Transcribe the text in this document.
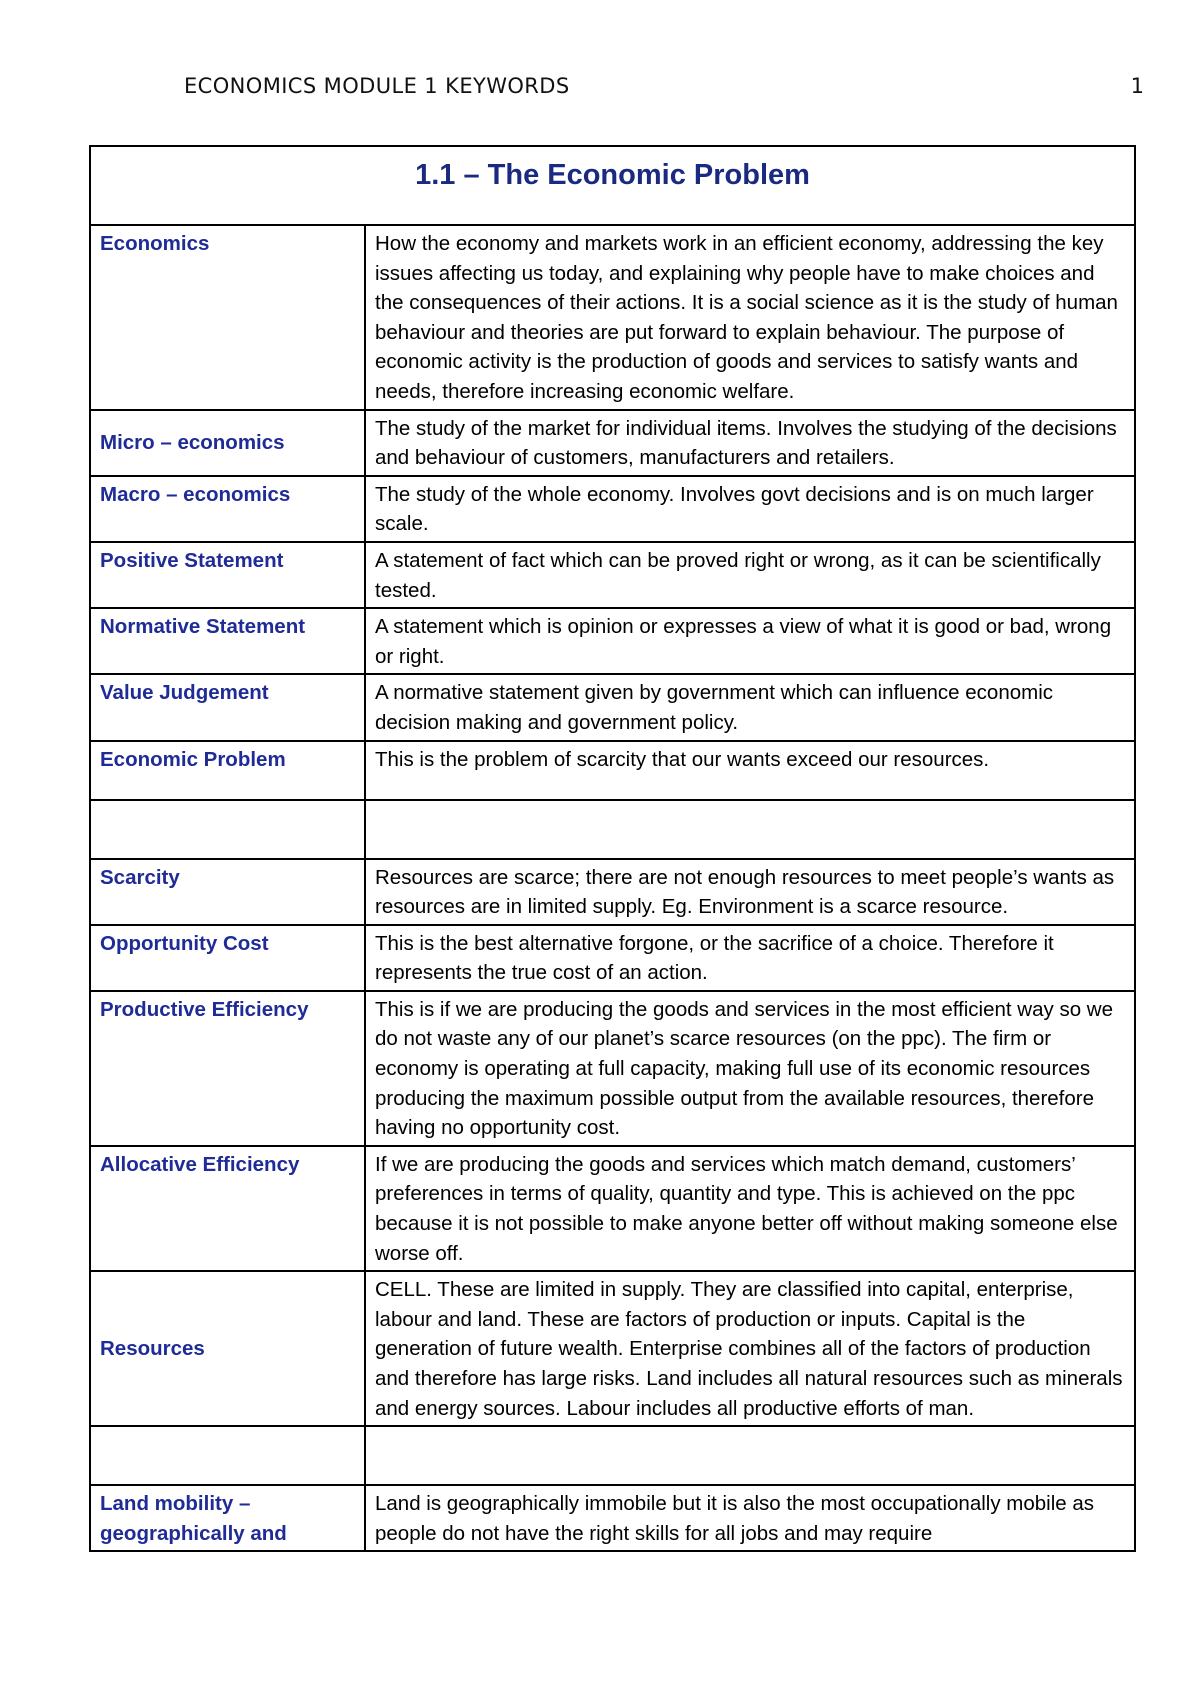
ECONOMICS MODULE 1 KEYWORDS	1
1.1 – The Economic Problem	
Economics	How the economy and markets work in an efficient economy, addressing the key issues affecting us today, and explaining why people have to make choices and the consequences of their actions. It is a social science as it is the study of human behaviour and theories are put forward to explain behaviour. The purpose of economic activity is the production of goods and services to satisfy wants and needs, therefore increasing economic welfare.
Micro – economics	The study of the market for individual items. Involves the studying of the decisions and behaviour of customers, manufacturers and retailers.
Macro – economics	The study of the whole economy. Involves govt decisions and is on much larger scale.
Positive Statement	A statement of fact which can be proved right or wrong, as it can be scientifically tested.
Normative Statement	A statement which is opinion or expresses a view of what it is good or bad, wrong or right.
Value Judgement	A normative statement given by government which can influence economic decision making and government policy.
Economic Problem	This is the problem of scarcity that our wants exceed our resources.

Scarcity	Resources are scarce; there are not enough resources to meet people’s wants as resources are in limited supply. Eg. Environment is a scarce resource.
Opportunity Cost	This is the best alternative forgone, or the sacrifice of a choice. Therefore it represents the true cost of an action.
Productive Efficiency	This is if we are producing the goods and services in the most efficient way so we do not waste any of our planet’s scarce resources (on the ppc). The firm or economy is operating at full capacity, making full use of its economic resources producing the maximum possible output from the available resources, therefore having no opportunity cost.
Allocative Efficiency	If we are producing the goods and services which match demand, customers’ preferences in terms of quality, quantity and type. This is achieved on the ppc because it is not possible to make anyone better off without making someone else worse off.
Resources	CELL. These are limited in supply. They are classified into capital, enterprise, labour and land. These are factors of production or inputs. Capital is the generation of future wealth. Enterprise combines all of the factors of production and therefore has large risks. Land includes all natural resources such as minerals and energy sources. Labour includes all productive efforts of man.

Land mobility – geographically and	Land is geographically immobile but it is also the most occupationally mobile as people do not have the right skills for all jobs and may require
